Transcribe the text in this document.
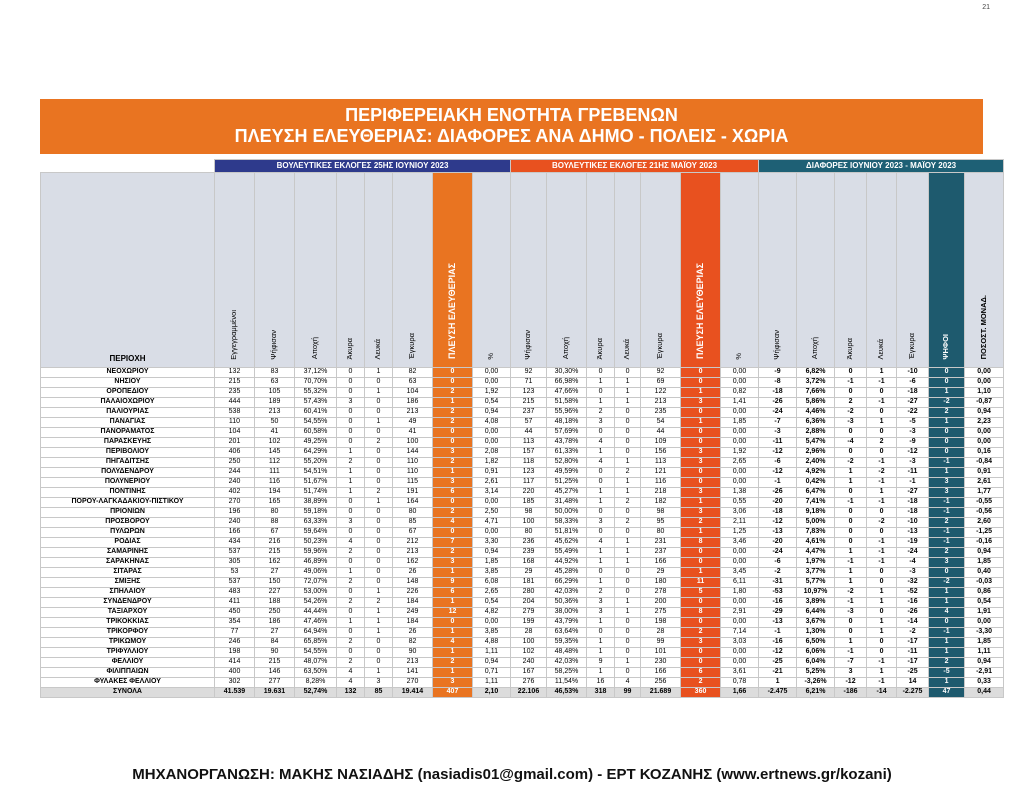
21
ΠΕΡΙΦΕΡΕΙΑΚΗ ΕΝΟΤΗΤΑ ΓΡΕΒΕΝΩΝ
ΠΛΕΥΣΗ ΕΛΕΥΘΕΡΙΑΣ: ΔΙΑΦΟΡΕΣ ΑΝΑ ΔΗΜΟ - ΠΟΛΕΙΣ - ΧΩΡΙΑ
	ΒΟΥΛΕΥΤΙΚΕΣ ΕΚΛΟΓΕΣ 25ΗΣ ΙΟΥΝΙΟΥ 2023								ΒΟΥΛΕΥΤΙΚΕΣ ΕΚΛΟΓΕΣ 21ΗΣ ΜΑΪΟΥ 2023							ΔΙΑΦΟΡΕΣ ΙΟΥΝΙΟΥ 2023 - ΜΑΪΟΥ 2023						
ΠΕΡΙΟΧΗ	Εγγεγραμμένοι	Ψήφισαν	Αποχή	Άκυρα	Λευκά	Έγκυρα	ΠΛΕΥΣΗ ΕΛΕΥΘΕΡΙΑΣ	%	Ψήφισαν	Αποχή	Άκυρα	Λευκά	Έγκυρα	ΠΛΕΥΣΗ ΕΛΕΥΘΕΡΙΑΣ	%	Ψήφισαν	Αποχή	Άκυρα	Λευκά	Έγκυρα	ΨΗΦΟΙ	ΠΟΣΟΣΤ. ΜΟΝΑΔ.
ΝΕΟΧΩΡΙΟΥ	132	83	37,12%	0	1	82	0	0,00	92	30,30%	0	0	92	0	0,00	-9	6,82%	0	1	-10	0	0,00
ΝΗΣΙΟΥ	215	63	70,70%	0	0	63	0	0,00	71	66,98%	1	1	69	0	0,00	-8	3,72%	-1	-1	-6	0	0,00
ΟΡΟΠΕΔΙΟΥ	235	105	55,32%	0	1	104	2	1,92	123	47,66%	0	1	122	1	0,82	-18	7,66%	0	0	-18	1	1,10
ΠΑΛΑΙΟΧΩΡΙΟΥ	444	189	57,43%	3	0	186	1	0,54	215	51,58%	1	1	213	3	1,41	-26	5,86%	2	-1	-27	-2	-0,87
ΠΑΛΙΟΥΡΙΑΣ	538	213	60,41%	0	0	213	2	0,94	237	55,96%	2	0	235	0	0,00	-24	4,46%	-2	0	-22	2	0,94
ΠΑΝΑΓΙΑΣ	110	50	54,55%	0	1	49	2	4,08	57	48,18%	3	0	54	1	1,85	-7	6,36%	-3	1	-5	1	2,23
ΠΑΝΟΡΑΜΑΤΟΣ	104	41	60,58%	0	0	41	0	0,00	44	57,69%	0	0	44	0	0,00	-3	2,88%	0	0	-3	0	0,00
ΠΑΡΑΣΚΕΥΗΣ	201	102	49,25%	0	2	100	0	0,00	113	43,78%	4	0	109	0	0,00	-11	5,47%	-4	2	-9	0	0,00
ΠΕΡΙΒΟΛΙΟΥ	406	145	64,29%	1	0	144	3	2,08	157	61,33%	1	0	156	3	1,92	-12	2,96%	0	0	-12	0	0,16
ΠΗΓΑΔΙΤΣΗΣ	250	112	55,20%	2	0	110	2	1,82	118	52,80%	4	1	113	3	2,65	-6	2,40%	-2	-1	-3	-1	-0,84
ΠΟΛΥΔΕΝΔΡΟΥ	244	111	54,51%	1	0	110	1	0,91	123	49,59%	0	2	121	0	0,00	-12	4,92%	1	-2	-11	1	0,91
ΠΟΛΥΝΕΡΙΟΥ	240	116	51,67%	1	0	115	3	2,61	117	51,25%	0	1	116	0	0,00	-1	0,42%	1	-1	-1	3	2,61
ΠΟΝΤΙΝΗΣ	402	194	51,74%	1	2	191	6	3,14	220	45,27%	1	1	218	3	1,38	-26	6,47%	0	1	-27	3	1,77
ΠΟΡΟΥ-ΛΑΓΚΑΔΑΚΙΟΥ-ΠΙΣΤΙΚΟΥ	270	165	38,89%	0	1	164	0	0,00	185	31,48%	1	2	182	1	0,55	-20	7,41%	-1	-1	-18	-1	-0,55
ΠΡΙΟΝΙΩΝ	196	80	59,18%	0	0	80	2	2,50	98	50,00%	0	0	98	3	3,06	-18	9,18%	0	0	-18	-1	-0,56
ΠΡΟΣΒΟΡΟΥ	240	88	63,33%	3	0	85	4	4,71	100	58,33%	3	2	95	2	2,11	-12	5,00%	0	-2	-10	2	2,60
ΠΥΛΩΡΩΝ	166	67	59,64%	0	0	67	0	0,00	80	51,81%	0	0	80	1	1,25	-13	7,83%	0	0	-13	-1	-1,25
ΡΟΔΙΑΣ	434	216	50,23%	4	0	212	7	3,30	236	45,62%	4	1	231	8	3,46	-20	4,61%	0	-1	-19	-1	-0,16
ΣΑΜΑΡΙΝΗΣ	537	215	59,96%	2	0	213	2	0,94	239	55,49%	1	1	237	0	0,00	-24	4,47%	1	-1	-24	2	0,94
ΣΑΡΑΚΗΝΑΣ	305	162	46,89%	0	0	162	3	1,85	168	44,92%	1	1	166	0	0,00	-6	1,97%	-1	-1	-4	3	1,85
ΣΙΤΑΡΑΣ	53	27	49,06%	1	0	26	1	3,85	29	45,28%	0	0	29	1	3,45	-2	3,77%	1	0	-3	0	0,40
ΣΜΙΞΗΣ	537	150	72,07%	2	0	148	9	6,08	181	66,29%	1	0	180	11	6,11	-31	5,77%	1	0	-32	-2	-0,03
ΣΠΗΛΑΙΟΥ	483	227	53,00%	0	1	226	6	2,65	280	42,03%	2	0	278	5	1,80	-53	10,97%	-2	1	-52	1	0,86
ΣΥΝΔΕΝΔΡΟΥ	411	188	54,26%	2	2	184	1	0,54	204	50,36%	3	1	200	0	0,00	-16	3,89%	-1	1	-16	1	0,54
ΤΑΞΙΑΡΧΟΥ	450	250	44,44%	0	1	249	12	4,82	279	38,00%	3	1	275	8	2,91	-29	6,44%	-3	0	-26	4	1,91
ΤΡΙΚΟΚΚΙΑΣ	354	186	47,46%	1	1	184	0	0,00	199	43,79%	1	0	198	0	0,00	-13	3,67%	0	1	-14	0	0,00
ΤΡΙΚΟΡΦΟΥ	77	27	64,94%	0	1	26	1	3,85	28	63,64%	0	0	28	2	7,14	-1	1,30%	0	1	-2	-1	-3,30
ΤΡΙΚΩΜΟΥ	246	84	65,85%	2	0	82	4	4,88	100	59,35%	1	0	99	3	3,03	-16	6,50%	1	0	-17	1	1,85
ΤΡΙΦΥΛΛΙΟΥ	198	90	54,55%	0	0	90	1	1,11	102	48,48%	1	0	101	0	0,00	-12	6,06%	-1	0	-11	1	1,11
ΦΕΛΛΙΟΥ	414	215	48,07%	2	0	213	2	0,94	240	42,03%	9	1	230	0	0,00	-25	6,04%	-7	-1	-17	2	0,94
ΦΙΛΙΠΠΑΙΩΝ	400	146	63,50%	4	1	141	1	0,71	167	58,25%	1	0	166	6	3,61	-21	5,25%	3	1	-25	-5	-2,91
ΦΥΛΑΚΕΣ ΦΕΛΛΙΟΥ	302	277	8,28%	4	3	270	3	1,11	276	11,54%	16	4	256	2	0,78	1	-3,26%	-12	-1	14	1	0,33
ΣΥΝΟΛΑ	41.539	19.631	52,74%	132	85	19.414	407	2,10	22.106	46,53%	318	99	21.689	360	1,66	-2.475	6,21%	-186	-14	-2.275	47	0,44
ΜΗΧΑΝΟΡΓΑΝΩΣΗ: ΜΑΚΗΣ ΝΑΣΙΑΔΗΣ (nasiadis01@gmail.com) - ΕΡΤ ΚΟΖΑΝΗΣ (www.ertnews.gr/kozani)
